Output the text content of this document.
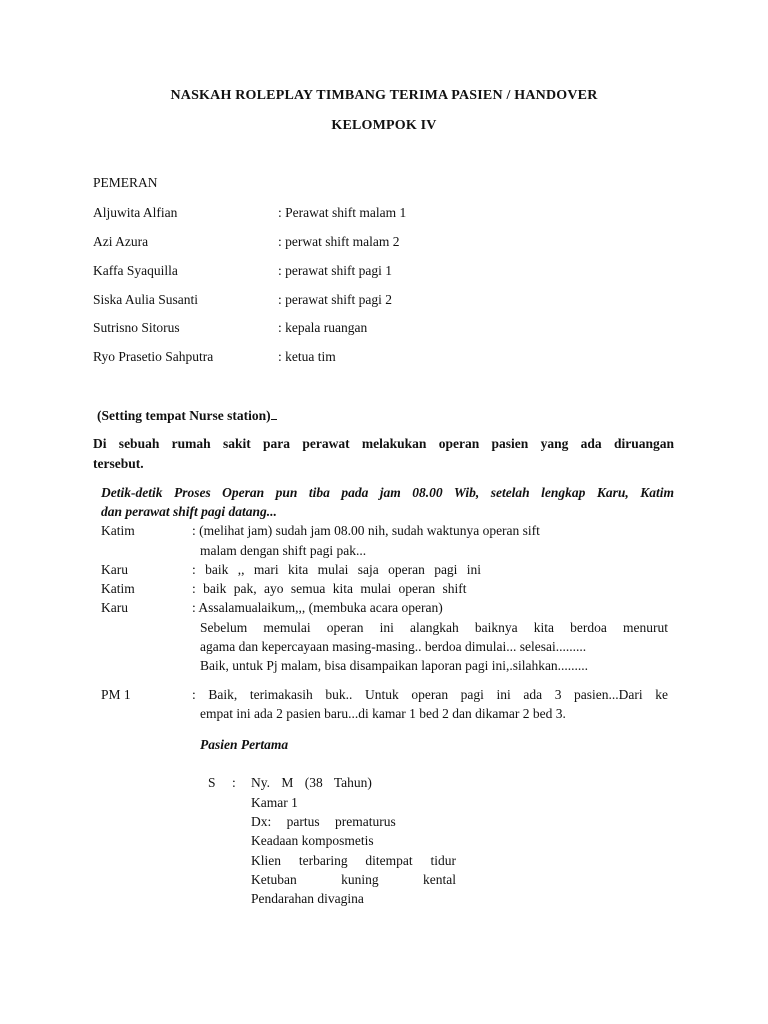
NASKAH ROLEPLAY TIMBANG TERIMA PASIEN / HANDOVER
KELOMPOK IV
PEMERAN
Aljuwita Alfian	: Perawat shift malam 1
Azi Azura	: perwat shift malam 2
Kaffa Syaquilla	: perawat shift pagi 1
Siska Aulia Susanti	: perawat shift pagi 2
Sutrisno Sitorus	: kepala ruangan
Ryo Prasetio Sahputra	: ketua tim
(Setting tempat Nurse station)
Di sebuah rumah sakit para perawat melakukan operan pasien yang ada diruangan
tersebut.
Detik-detik Proses Operan pun tiba pada jam 08.00 Wib, setelah lengkap Karu, Katim
dan perawat shift pagi datang...
Katim	: (melihat jam) sudah jam 08.00 nih, sudah waktunya operan sift
malam dengan shift pagi pak...
Karu	: baik ,, mari kita mulai saja operan pagi ini
Katim	: baik pak, ayo semua kita mulai operan shift
Karu	: Assalamualaikum,,, (membuka acara operan)
Sebelum memulai operan ini alangkah baiknya kita berdoa menurut
agama dan kepercayaan masing-masing.. berdoa dimulai... selesai.........
Baik, untuk Pj malam, bisa disampaikan laporan pagi ini,.silahkan.........
PM 1	: Baik, terimakasih buk.. Untuk operan pagi ini ada 3 pasien...Dari ke
empat ini ada 2 pasien baru...di kamar 1 bed 2 dan dikamar 2 bed 3.
Pasien Pertama
S : Ny. M (38 Tahun)
Kamar 1
Dx: partus prematurus
Keadaan komposmetis
Klien terbaring ditempat tidur
Ketuban kuning kental
Pendarahan divagina
